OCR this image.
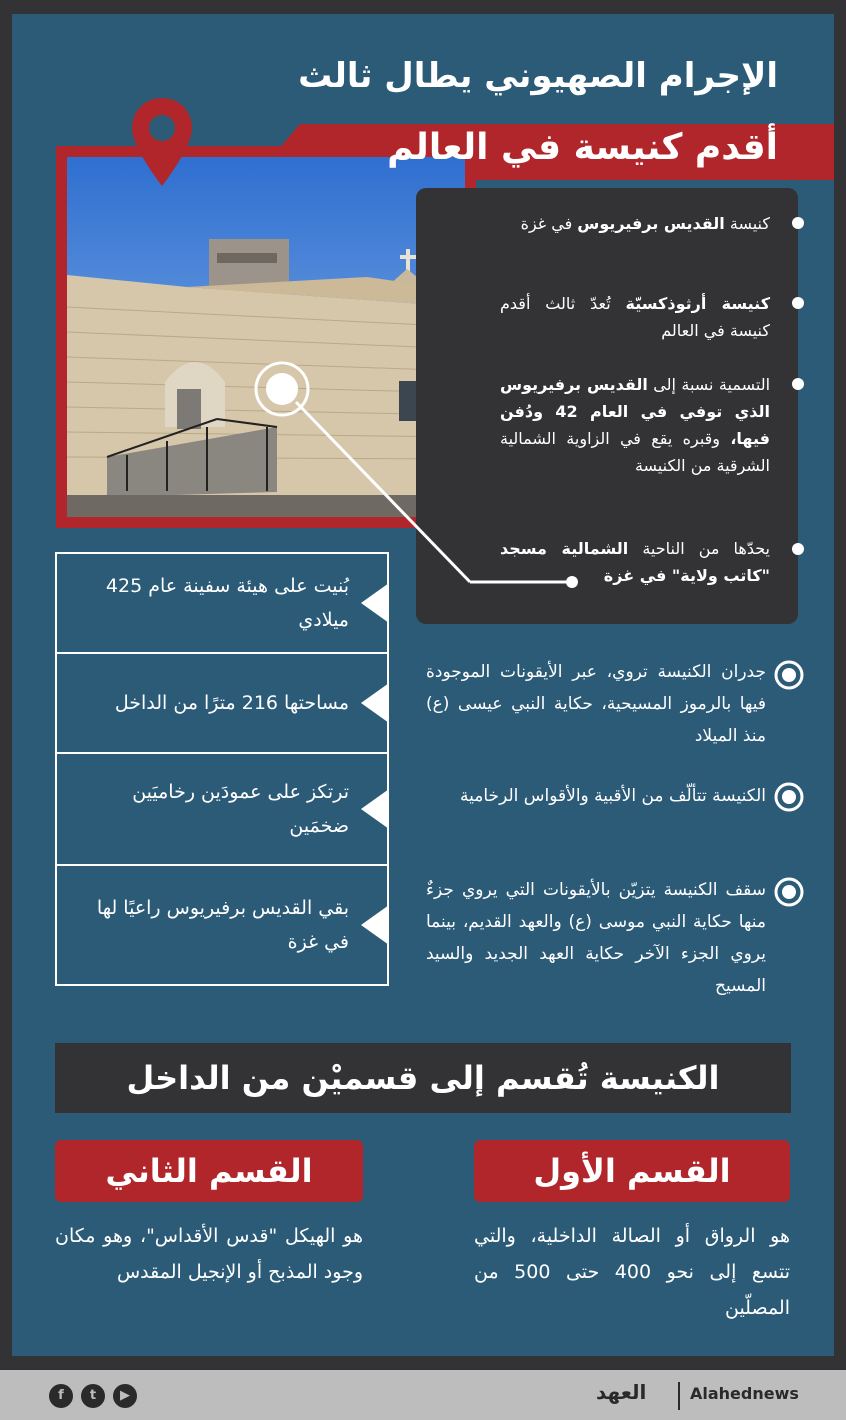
الإجرام الصهيوني يطال ثالث
أقدم كنيسة في العالم
كنيسة القديس برفيريوس في غزة
كنيسة أرثوذكسيّة تُعدّ ثالث أقدم كنيسة في العالم
التسمية نسبة إلى القديس برفيريوس الذي توفي في العام 42 ودُفن فيها، وقبره يقع في الزاوية الشمالية الشرقية من الكنيسة
يحدّها من الناحية الشمالية مسجد "كاتب ولاية" في غزة
بُنيت على هيئة سفينة عام 425 ميلادي
مساحتها 216 مترًا من الداخل
ترتكز على عمودَين رخاميَين ضخمَين
بقي القديس برفيريوس راعيًا لها في غزة
جدران الكنيسة تروي، عبر الأيقونات الموجودة فيها بالرموز المسيحية، حكاية النبي عيسى (ع) منذ الميلاد
الكنيسة تتألّف من الأقبية والأقواس الرخامية
سقف الكنيسة يتزيّن بالأيقونات التي يروي جزءٌ منها حكاية النبي موسى (ع) والعهد القديم، بينما يروي الجزء الآخر حكاية العهد الجديد والسيد المسيح
الكنيسة تُقسم إلى قسميْن من الداخل
القسم الأول
هو الرواق أو الصالة الداخلية، والتي تتسع إلى نحو 400 حتى 500 من المصلّين
القسم الثاني
هو الهيكل "قدس الأقداس"، وهو مكان وجود المذبح أو الإنجيل المقدس
Alahednews
العهد
▶
t
f
